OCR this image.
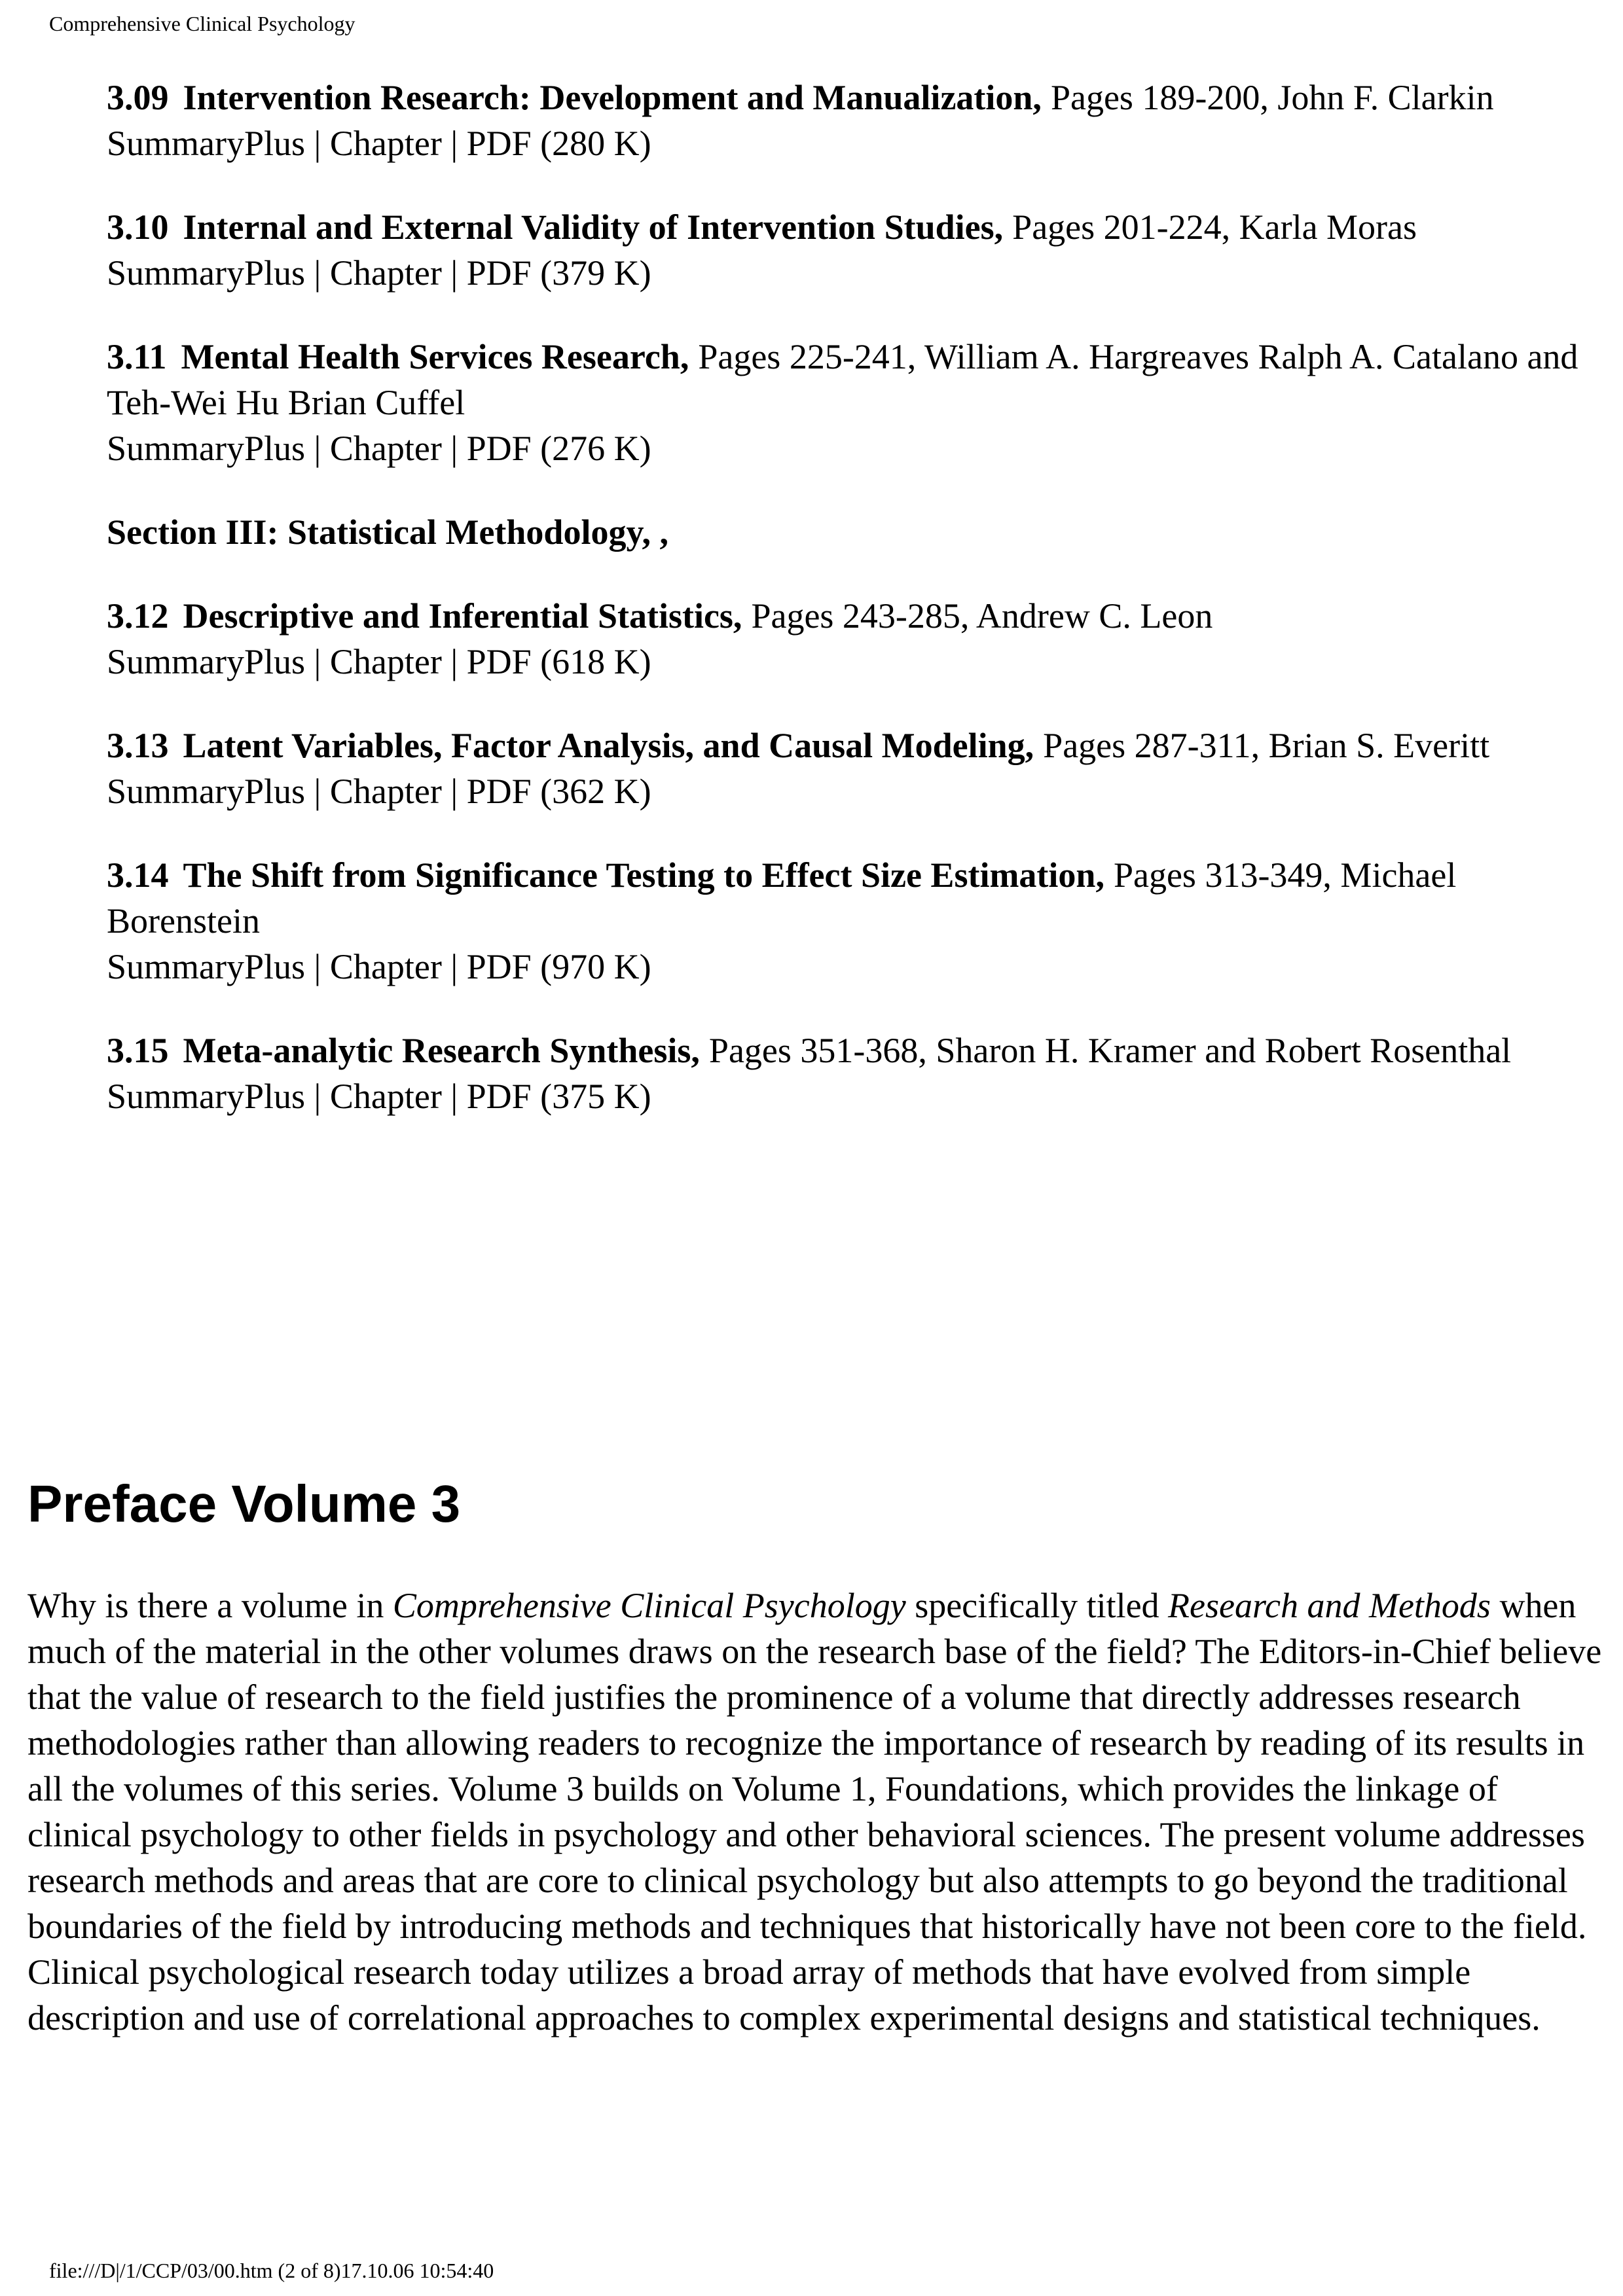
Comprehensive Clinical Psychology
3.09 Intervention Research: Development and Manualization, Pages 189-200, John F. Clarkin
SummaryPlus | Chapter | PDF (280 K)
3.10 Internal and External Validity of Intervention Studies, Pages 201-224, Karla Moras
SummaryPlus | Chapter | PDF (379 K)
3.11 Mental Health Services Research, Pages 225-241, William A. Hargreaves Ralph A. Catalano and Teh-Wei Hu Brian Cuffel
SummaryPlus | Chapter | PDF (276 K)
Section III: Statistical Methodology, ,
3.12 Descriptive and Inferential Statistics, Pages 243-285, Andrew C. Leon
SummaryPlus | Chapter | PDF (618 K)
3.13 Latent Variables, Factor Analysis, and Causal Modeling, Pages 287-311, Brian S. Everitt
SummaryPlus | Chapter | PDF (362 K)
3.14 The Shift from Significance Testing to Effect Size Estimation, Pages 313-349, Michael Borenstein
SummaryPlus | Chapter | PDF (970 K)
3.15 Meta-analytic Research Synthesis, Pages 351-368, Sharon H. Kramer and Robert Rosenthal
SummaryPlus | Chapter | PDF (375 K)
Preface Volume 3

Why is there a volume in Comprehensive Clinical Psychology specifically titled Research and Methods when much of the material in the other volumes draws on the research base of the field? The Editors-in-Chief believe that the value of research to the field justifies the prominence of a volume that directly addresses research methodologies rather than allowing readers to recognize the importance of research by reading of its results in all the volumes of this series. Volume 3 builds on Volume 1, Foundations, which provides the linkage of clinical psychology to other fields in psychology and other behavioral sciences. The present volume addresses research methods and areas that are core to clinical psychology but also attempts to go beyond the traditional boundaries of the field by introducing methods and techniques that historically have not been core to the field. Clinical psychological research today utilizes a broad array of methods that have evolved from simple description and use of correlational approaches to complex experimental designs and statistical techniques.

file:///D|/1/CCP/03/00.htm (2 of 8)17.10.06 10:54:40
